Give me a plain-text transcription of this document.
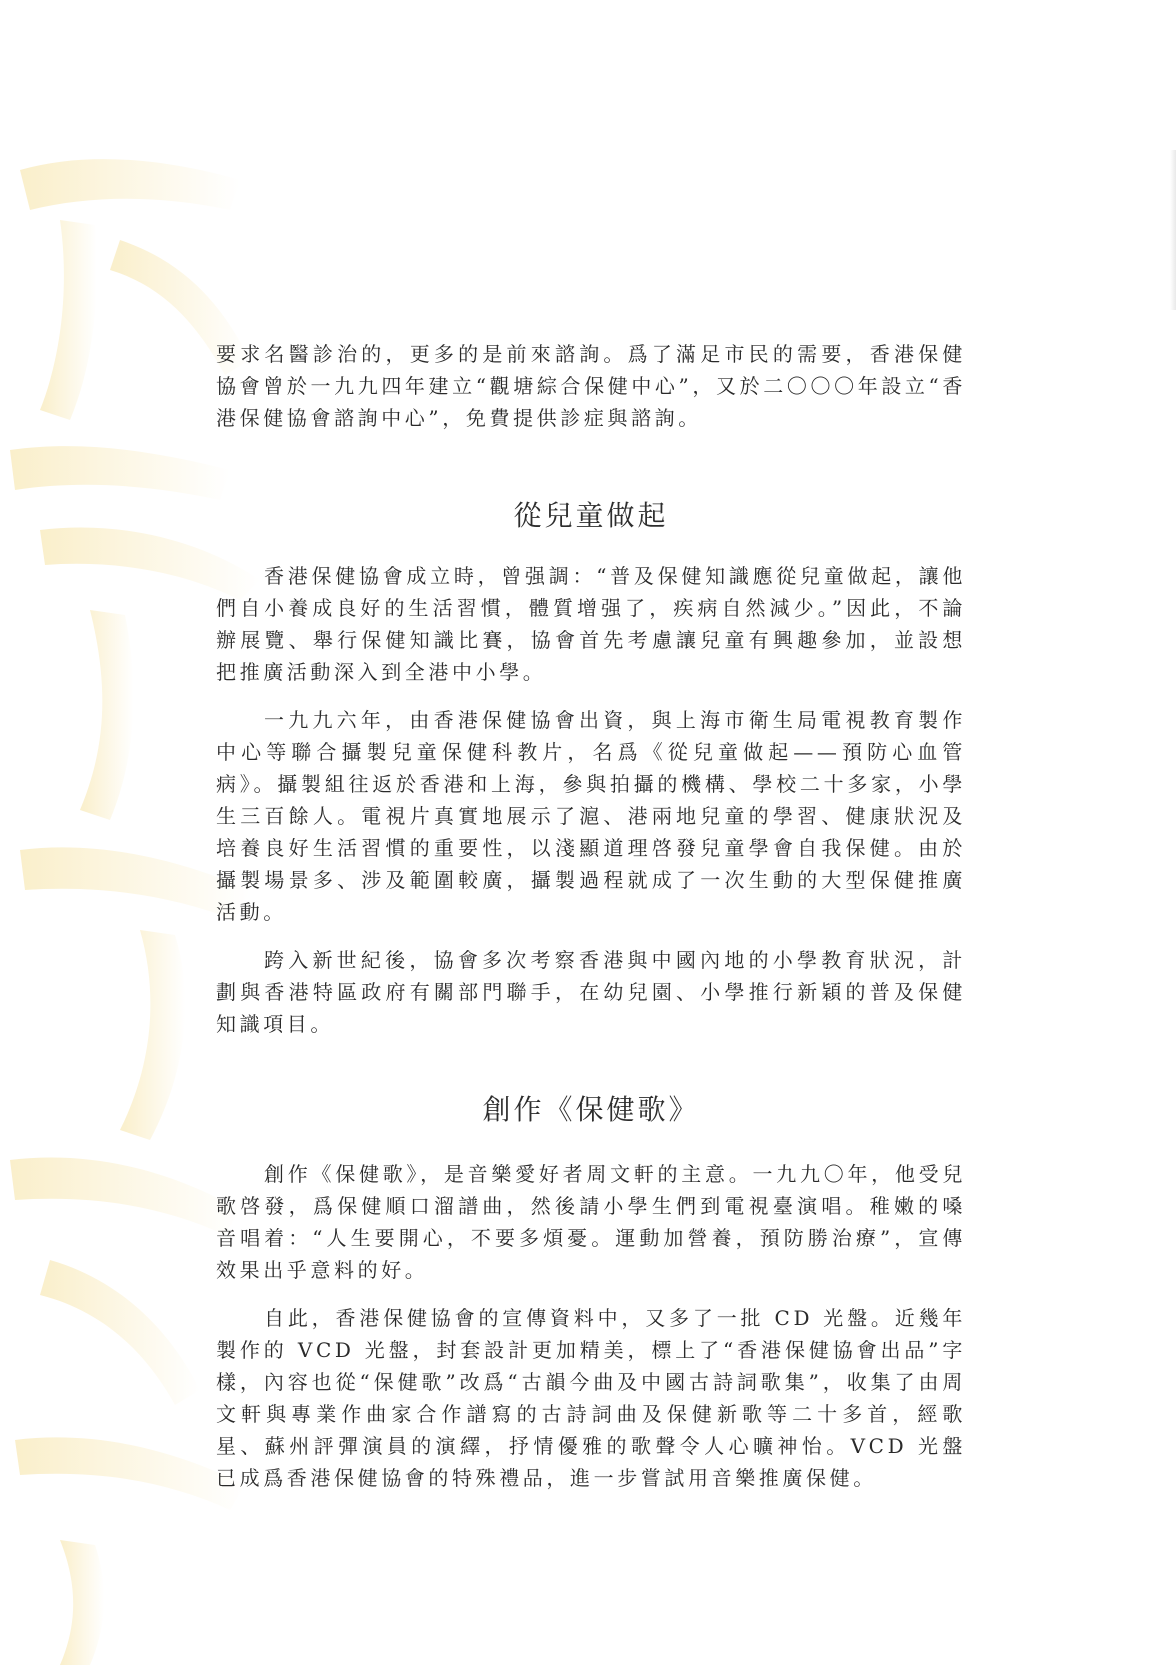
要求名醫診治的，更多的是前來諮詢。爲了滿足市民的需要，香港保健協會曾於一九九四年建立“觀塘綜合保健中心”，又於二〇〇〇年設立“香港保健協會諮詢中心”，免費提供診症與諮詢。

從兒童做起

香港保健協會成立時，曾强調：“普及保健知識應從兒童做起，讓他們自小養成良好的生活習慣，體質增强了，疾病自然減少。”因此，不論辦展覽、舉行保健知識比賽，協會首先考慮讓兒童有興趣參加，並設想把推廣活動深入到全港中小學。

一九九六年，由香港保健協會出資，與上海市衛生局電視教育製作中心等聯合攝製兒童保健科教片，名爲《從兒童做起——預防心血管病》。攝製組往返於香港和上海，參與拍攝的機構、學校二十多家，小學生三百餘人。電視片真實地展示了滬、港兩地兒童的學習、健康狀況及培養良好生活習慣的重要性，以淺顯道理啓發兒童學會自我保健。由於攝製場景多、涉及範圍較廣，攝製過程就成了一次生動的大型保健推廣活動。

跨入新世紀後，協會多次考察香港與中國內地的小學教育狀況，計劃與香港特區政府有關部門聯手，在幼兒園、小學推行新穎的普及保健知識項目。

創作《保健歌》

創作《保健歌》，是音樂愛好者周文軒的主意。一九九〇年，他受兒歌啓發，爲保健順口溜譜曲，然後請小學生們到電視臺演唱。稚嫩的嗓音唱着：“人生要開心，不要多煩憂。運動加營養，預防勝治療”，宣傳效果出乎意料的好。

自此，香港保健協會的宣傳資料中，又多了一批 CD 光盤。近幾年製作的 VCD 光盤，封套設計更加精美，標上了“香港保健協會出品”字樣，內容也從“保健歌”改爲“古韻今曲及中國古詩詞歌集”，收集了由周文軒與專業作曲家合作譜寫的古詩詞曲及保健新歌等二十多首，經歌星、蘇州評彈演員的演繹，抒情優雅的歌聲令人心曠神怡。VCD 光盤已成爲香港保健協會的特殊禮品，進一步嘗試用音樂推廣保健。
